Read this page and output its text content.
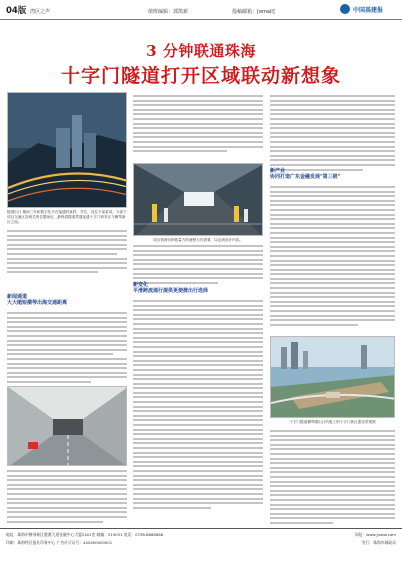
04版 湾区之声	值班编辑：郭凯新	投稿邮箱：[email]	中国基建报
3 分钟联通珠海
十字门隧道打开区域联动新想象
隧道出口 期间三年和数字化平台接通的某样，并位，其位于某某项，分部于项目交流区及相关的位置场近，最终将隧道贯通连通十字门商务区与横琴新区之间。
新闻通道
大大缩短横琴出海交通距离
项目管理各种数量方的流程与有需要，以达到设计内容。
新变化
平滑跨流通行提供更便捷出行选择
新产业
协同打造广东金融发展"第三极"
十字门隧道横琴端出口所施工的十字门新区建设景观照
地址：珠海市横琴新区港澳大道金融中心大厦2401室 邮编：519031 电话：0756-8888888	网址：www.jjxww.com
印刷：珠海特区报社印务中心 广告许可证号：440400000001	发行：珠海市邮政局
